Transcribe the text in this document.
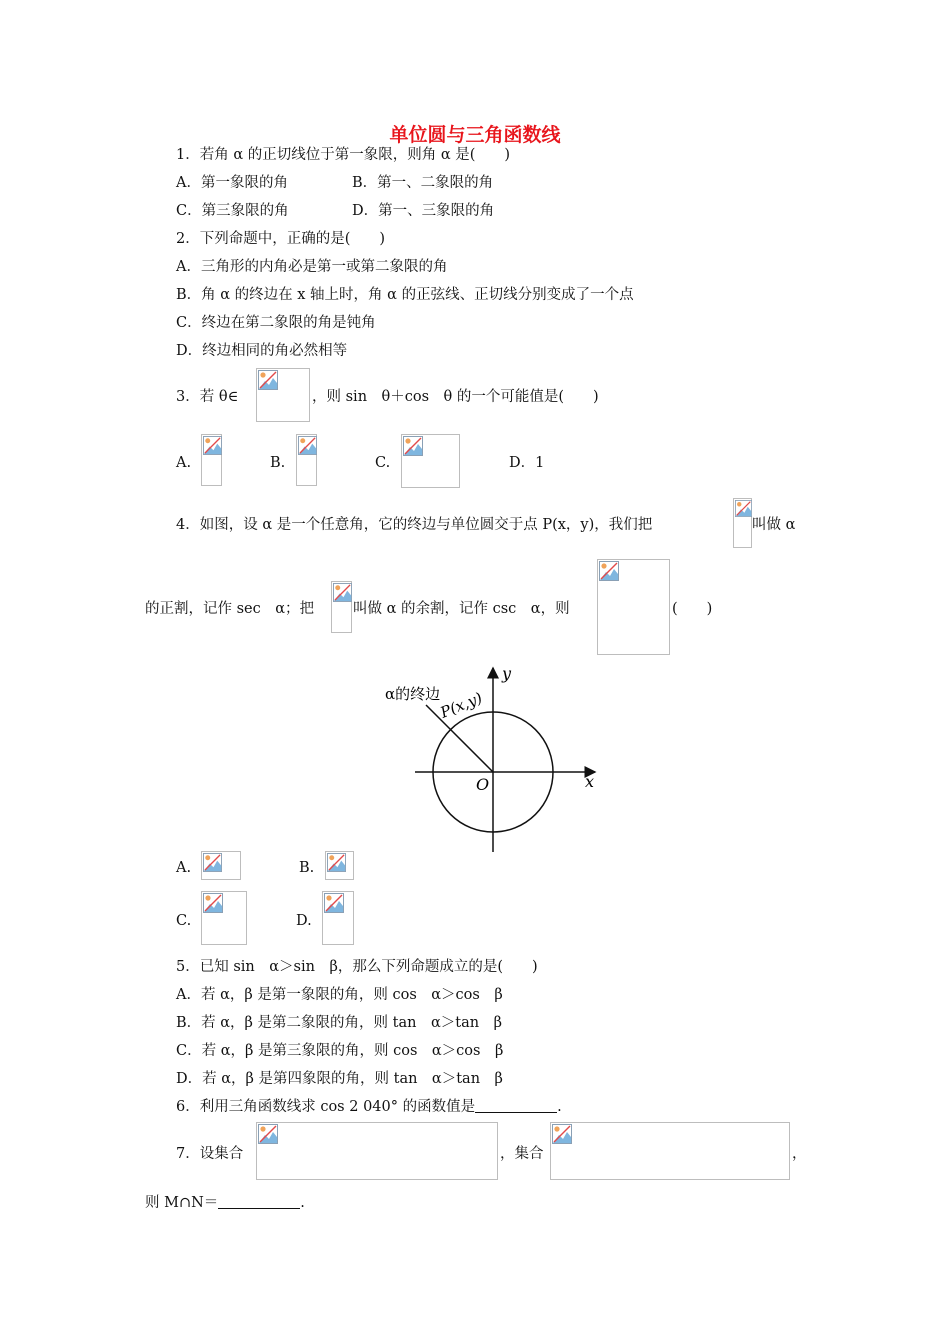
单位圆与三角函数线
1．若角 α 的正切线位于第一象限，则角 α 是(　　)
A．第一象限的角	B．第一、二象限的角
C．第三象限的角	D．第一、三象限的角
2．下列命题中，正确的是(　　)
A．三角形的内角必是第一或第二象限的角
B．角 α 的终边在 x 轴上时，角 α 的正弦线、正切线分别变成了一个点
C．终边在第二象限的角是钝角
D．终边相同的角必然相等
3．若 θ∈	，则 sin　θ＋cos　θ 的一个可能值是(　　)
A.	B.	C.	D．1
4．如图，设 α 是一个任意角，它的终边与单位圆交于点 P(x，y)，我们把	叫做 α
的正割，记作 sec　α；把	叫做 α 的余割，记作 csc　α，则	(　　)
α的终边
P(x,y)
O	x
y
A.	B.
C.	D.
5．已知 sin　α＞sin　β，那么下列命题成立的是(　　)
A．若 α，β 是第一象限的角，则 cos　α＞cos　β
B．若 α，β 是第二象限的角，则 tan　α＞tan　β
C．若 α，β 是第三象限的角，则 cos　α＞cos　β
D．若 α，β 是第四象限的角，则 tan　α＞tan　β
6．利用三角函数线求 cos 2 040° 的函数值是	.
7．设集合	，集合	，
则 M∩N＝	.
